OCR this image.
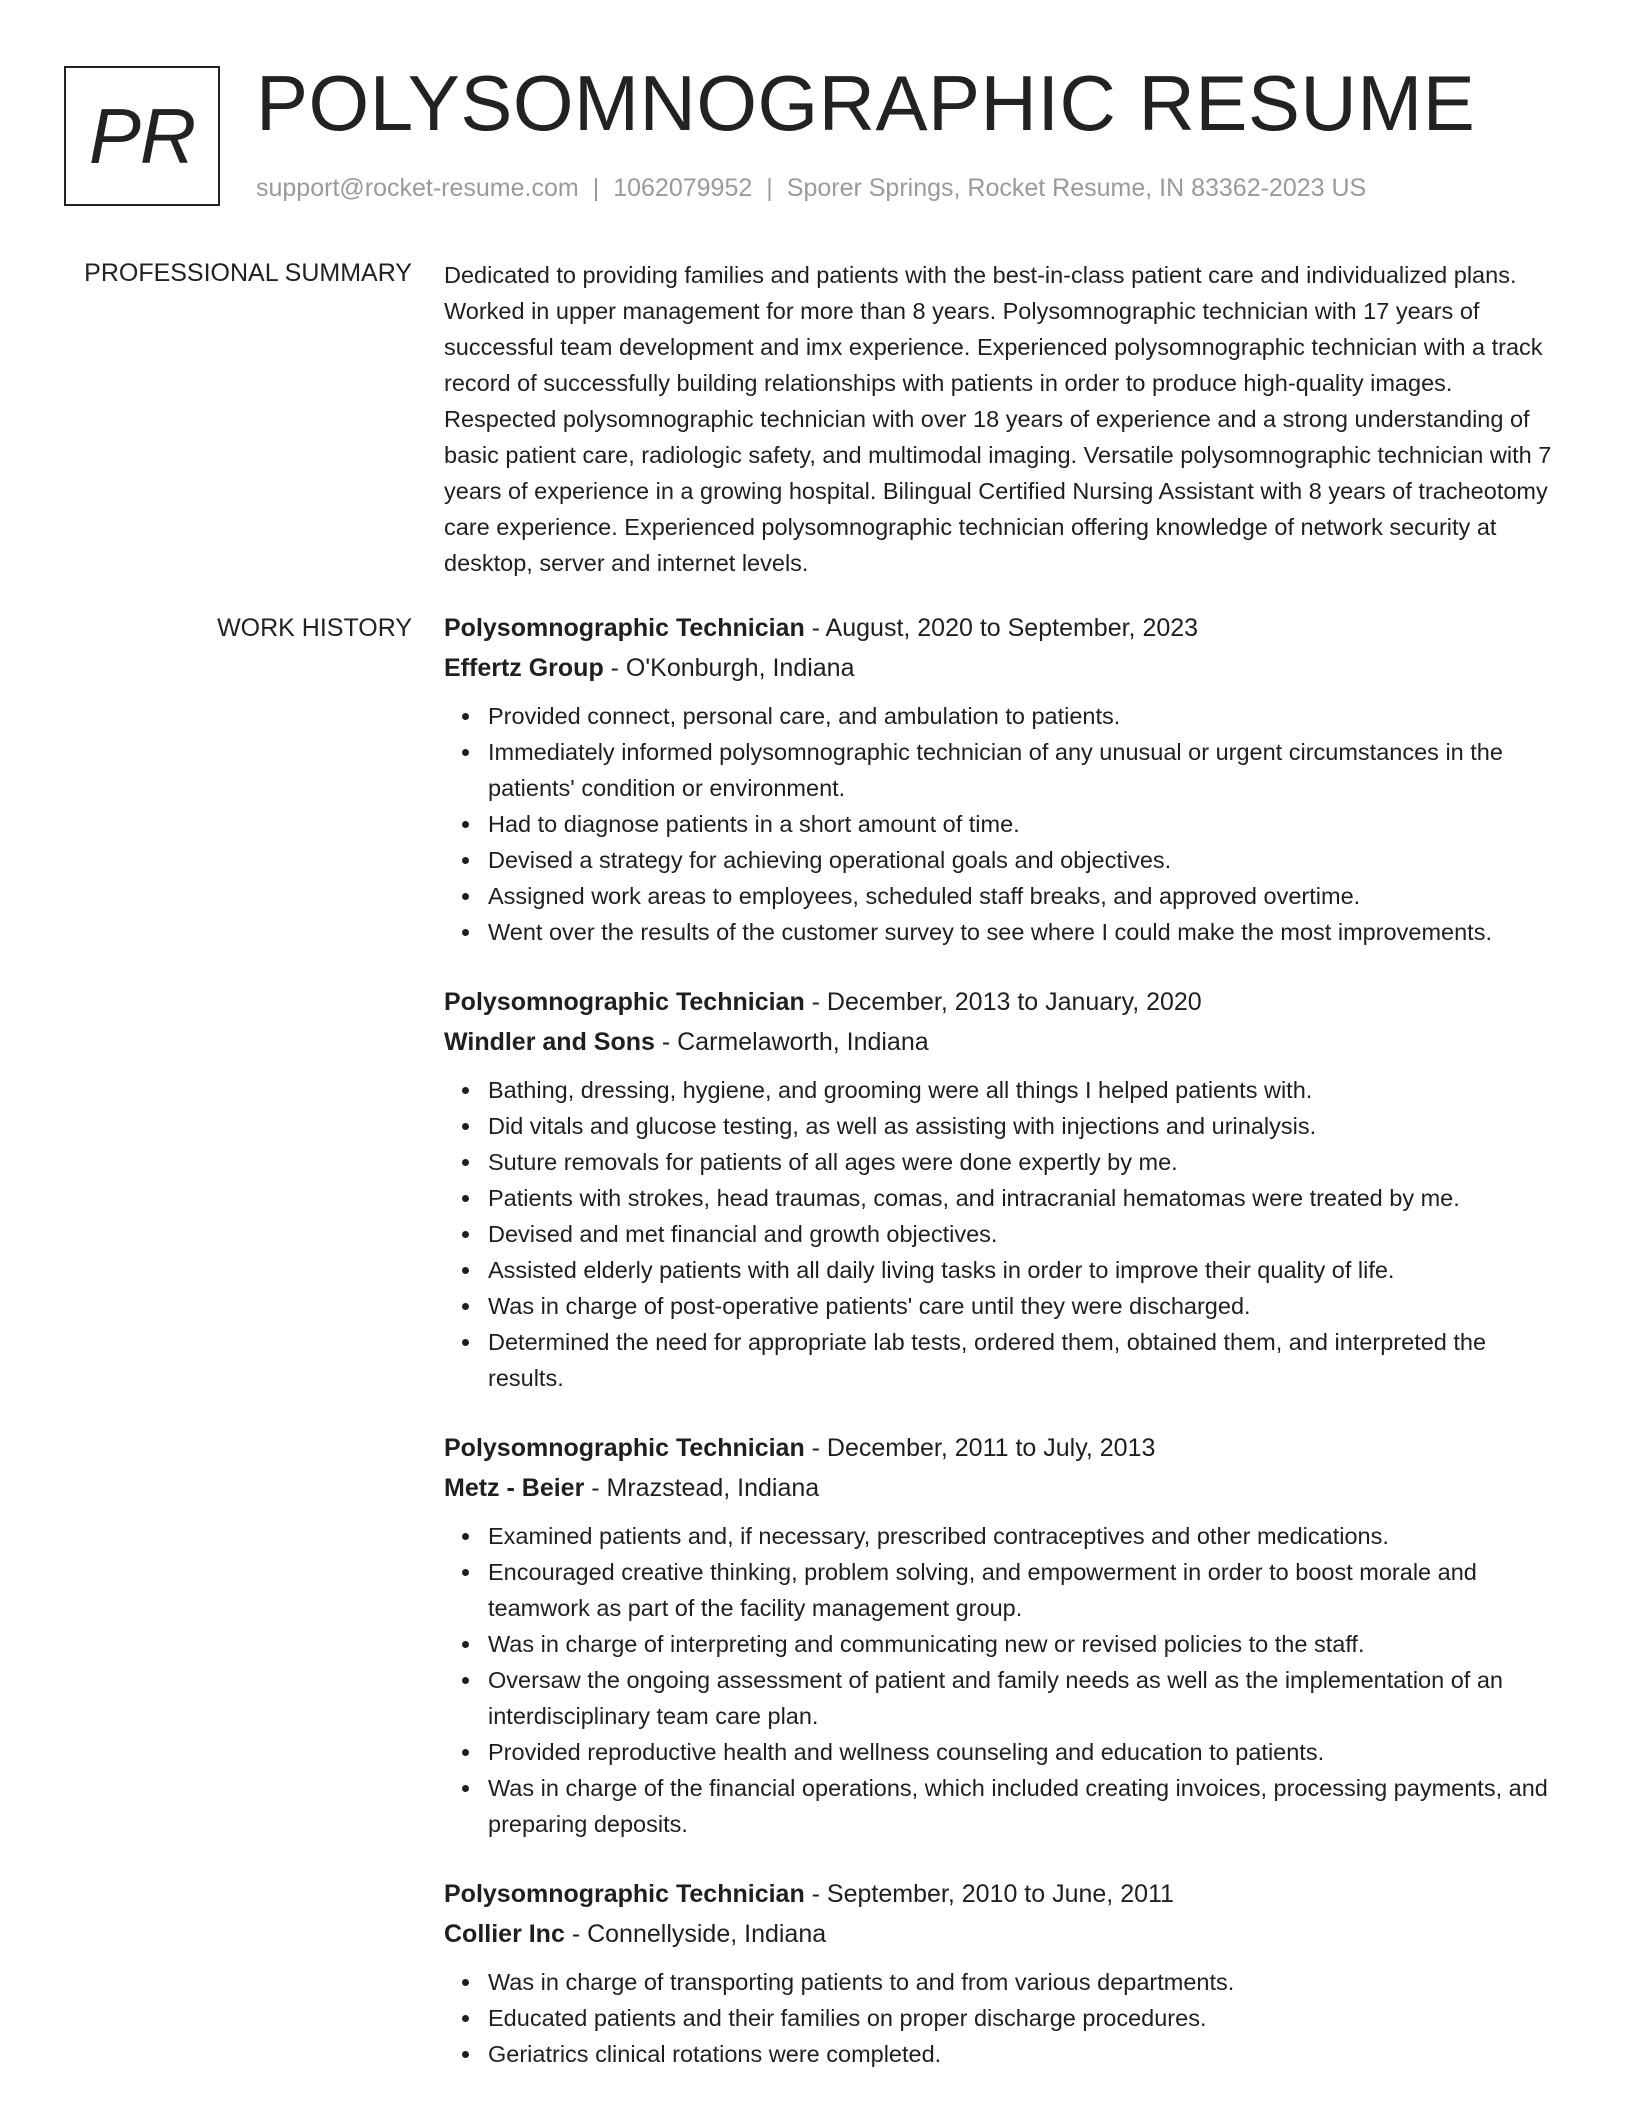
PR POLYSOMNOGRAPHIC RESUME
support@rocket-resume.com | 1062079952 | Sporer Springs, Rocket Resume, IN 83362-2023 US
PROFESSIONAL SUMMARY Dedicated to providing families and patients with the best-in-class patient care and individualized plans. Worked in upper management for more than 8 years. Polysomnographic technician with 17 years of successful team development and imx experience. Experienced polysomnographic technician with a track record of successfully building relationships with patients in order to produce high-quality images. Respected polysomnographic technician with over 18 years of experience and a strong understanding of basic patient care, radiologic safety, and multimodal imaging. Versatile polysomnographic technician with 7 years of experience in a growing hospital. Bilingual Certified Nursing Assistant with 8 years of tracheotomy care experience. Experienced polysomnographic technician offering knowledge of network security at desktop, server and internet levels.

WORK HISTORY Polysomnographic Technician - August, 2020 to September, 2023
Effertz Group - O'Konburgh, Indiana
Provided connect, personal care, and ambulation to patients.
Immediately informed polysomnographic technician of any unusual or urgent circumstances in the patients' condition or environment.
Had to diagnose patients in a short amount of time.
Devised a strategy for achieving operational goals and objectives.
Assigned work areas to employees, scheduled staff breaks, and approved overtime.
Went over the results of the customer survey to see where I could make the most improvements.
Polysomnographic Technician - December, 2013 to January, 2020
Windler and Sons - Carmelaworth, Indiana
Bathing, dressing, hygiene, and grooming were all things I helped patients with.
Did vitals and glucose testing, as well as assisting with injections and urinalysis.
Suture removals for patients of all ages were done expertly by me.
Patients with strokes, head traumas, comas, and intracranial hematomas were treated by me.
Devised and met financial and growth objectives.
Assisted elderly patients with all daily living tasks in order to improve their quality of life.
Was in charge of post-operative patients' care until they were discharged.
Determined the need for appropriate lab tests, ordered them, obtained them, and interpreted the results.
Polysomnographic Technician - December, 2011 to July, 2013
Metz - Beier - Mrazstead, Indiana
Examined patients and, if necessary, prescribed contraceptives and other medications.
Encouraged creative thinking, problem solving, and empowerment in order to boost morale and teamwork as part of the facility management group.
Was in charge of interpreting and communicating new or revised policies to the staff.
Oversaw the ongoing assessment of patient and family needs as well as the implementation of an interdisciplinary team care plan.
Provided reproductive health and wellness counseling and education to patients.
Was in charge of the financial operations, which included creating invoices, processing payments, and preparing deposits.
Polysomnographic Technician - September, 2010 to June, 2011
Collier Inc - Connellyside, Indiana
Was in charge of transporting patients to and from various departments.
Educated patients and their families on proper discharge procedures.
Geriatrics clinical rotations were completed.
